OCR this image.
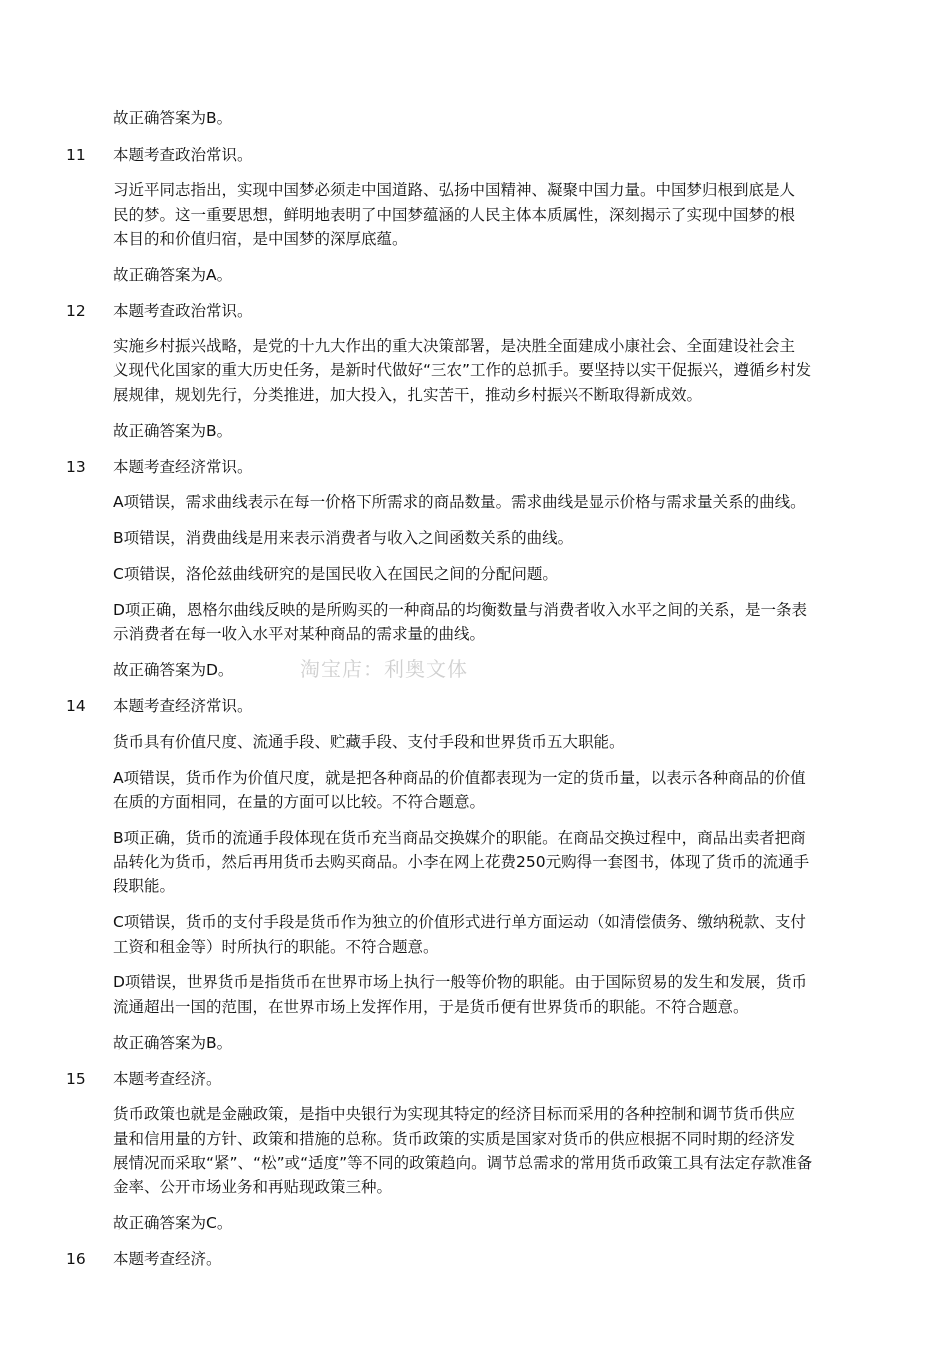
故正确答案为B。
11 本题考查政治常识。
习近平同志指出，实现中国梦必须走中国道路、弘扬中国精神、凝聚中国力量。中国梦归根到底是人
民的梦。这一重要思想，鲜明地表明了中国梦蕴涵的人民主体本质属性，深刻揭示了实现中国梦的根
本目的和价值归宿，是中国梦的深厚底蕴。
故正确答案为A。
12 本题考查政治常识。
实施乡村振兴战略，是党的十九大作出的重大决策部署，是决胜全面建成小康社会、全面建设社会主
义现代化国家的重大历史任务，是新时代做好“三农”工作的总抓手。要坚持以实干促振兴，遵循乡村发
展规律，规划先行，分类推进，加大投入，扎实苦干，推动乡村振兴不断取得新成效。
故正确答案为B。
13 本题考查经济常识。
A项错误，需求曲线表示在每一价格下所需求的商品数量。需求曲线是显示价格与需求量关系的曲线。
B项错误，消费曲线是用来表示消费者与收入之间函数关系的曲线。
C项错误，洛伦兹曲线研究的是国民收入在国民之间的分配问题。
D项正确，恩格尔曲线反映的是所购买的一种商品的均衡数量与消费者收入水平之间的关系，是一条表
示消费者在每一收入水平对某种商品的需求量的曲线。
故正确答案为D。	淘宝店：利奥文体
14 本题考查经济常识。
货币具有价值尺度、流通手段、贮藏手段、支付手段和世界货币五大职能。
A项错误，货币作为价值尺度，就是把各种商品的价值都表现为一定的货币量，以表示各种商品的价值
在质的方面相同，在量的方面可以比较。不符合题意。
B项正确，货币的流通手段体现在货币充当商品交换媒介的职能。在商品交换过程中，商品出卖者把商
品转化为货币，然后再用货币去购买商品。小李在网上花费250元购得一套图书，体现了货币的流通手
段职能。
C项错误，货币的支付手段是货币作为独立的价值形式进行单方面运动（如清偿债务、缴纳税款、支付
工资和租金等）时所执行的职能。不符合题意。
D项错误，世界货币是指货币在世界市场上执行一般等价物的职能。由于国际贸易的发生和发展，货币
流通超出一国的范围，在世界市场上发挥作用，于是货币便有世界货币的职能。不符合题意。
故正确答案为B。
15 本题考查经济。
货币政策也就是金融政策，是指中央银行为实现其特定的经济目标而采用的各种控制和调节货币供应
量和信用量的方针、政策和措施的总称。货币政策的实质是国家对货币的供应根据不同时期的经济发
展情况而采取“紧”、“松”或“适度”等不同的政策趋向。调节总需求的常用货币政策工具有法定存款准备
金率、公开市场业务和再贴现政策三种。
故正确答案为C。
16 本题考查经济。
